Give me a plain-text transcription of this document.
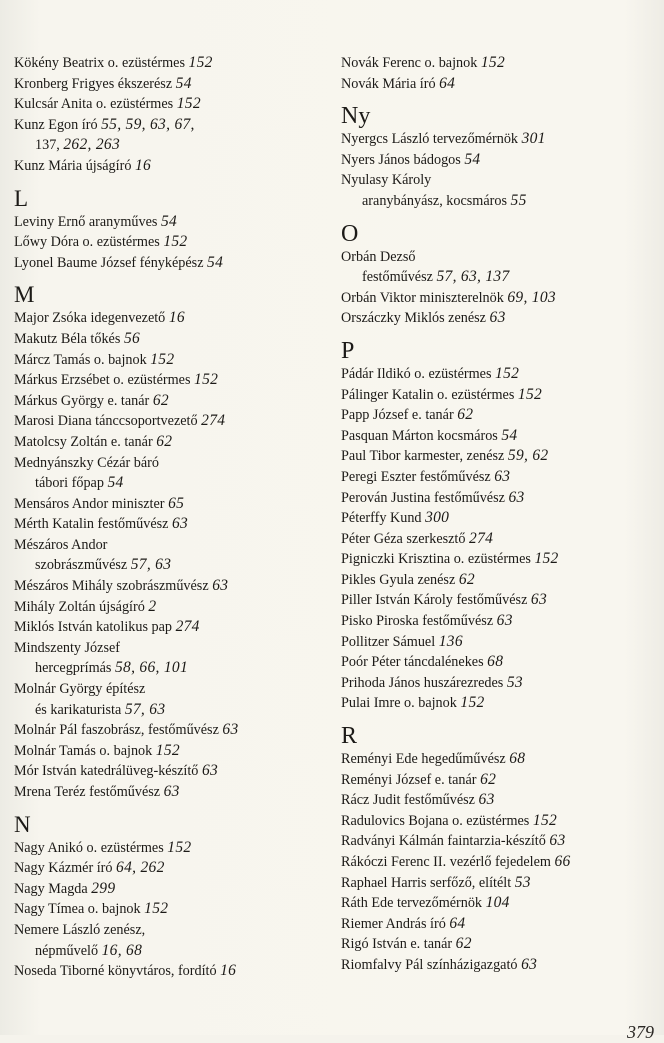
Kökény Beatrix o. ezüstérmes 152
Kronberg Frigyes ékszerész 54
Kulcsár Anita o. ezüstérmes 152
Kunz Egon író 55, 59, 63, 67,
137, 262, 263
Kunz Mária újságíró 16
L
Leviny Ernő aranyműves 54
Lőwy Dóra o. ezüstérmes 152
Lyonel Baume József fényképész 54
M
Major Zsóka idegenvezető 16
Makutz Béla tőkés 56
Márcz Tamás o. bajnok 152
Márkus Erzsébet o. ezüstérmes 152
Márkus György e. tanár 62
Marosi Diana tánccsoportvezető 274
Matolcsy Zoltán e. tanár 62
Mednyánszky Cézár báró
tábori főpap 54
Mensáros Andor miniszter 65
Mérth Katalin festőművész 63
Mészáros Andor
szobrászművész 57, 63
Mészáros Mihály szobrászművész 63
Mihály Zoltán újságíró 2
Miklós István katolikus pap 274
Mindszenty József
hercegprímás 58, 66, 101
Molnár György építész
és karikaturista 57, 63
Molnár Pál faszobrász, festőművész 63
Molnár Tamás o. bajnok 152
Mór István katedrálüveg-készítő 63
Mrena Teréz festőművész 63
N
Nagy Anikó o. ezüstérmes 152
Nagy Kázmér író 64, 262
Nagy Magda 299
Nagy Tímea o. bajnok 152
Nemere László zenész,
népművelő 16, 68
Noseda Tiborné könyvtáros, fordító 16
Novák Ferenc o. bajnok 152
Novák Mária író 64
Ny
Nyergcs László tervezőmérnök 301
Nyers János bádogos 54
Nyulasy Károly
aranybányász, kocsmáros 55
O
Orbán Dezső
festőművész 57, 63, 137
Orbán Viktor miniszterelnök 69, 103
Orszáczky Miklós zenész 63
P
Pádár Ildikó o. ezüstérmes 152
Pálinger Katalin o. ezüstérmes 152
Papp József e. tanár 62
Pasquan Márton kocsmáros 54
Paul Tibor karmester, zenész 59, 62
Peregi Eszter festőművész 63
Perován Justina festőművész 63
Péterffy Kund 300
Péter Géza szerkesztő 274
Pigniczki Krisztina o. ezüstérmes 152
Pikles Gyula zenész 62
Piller István Károly festőművész 63
Pisko Piroska festőművész 63
Pollitzer Sámuel 136
Poór Péter táncdalénekes 68
Prihoda János huszárezredes 53
Pulai Imre o. bajnok 152
R
Reményi Ede hegedűművész 68
Reményi József e. tanár 62
Rácz Judit festőművész 63
Radulovics Bojana o. ezüstérmes 152
Radványi Kálmán faintarzia-készítő 63
Rákóczi Ferenc II. vezérlő fejedelem 66
Raphael Harris serfőző, elítélt 53
Ráth Ede tervezőmérnök 104
Riemer András író 64
Rigó István e. tanár 62
Riomfalvy Pál színházigazgató 63
379
